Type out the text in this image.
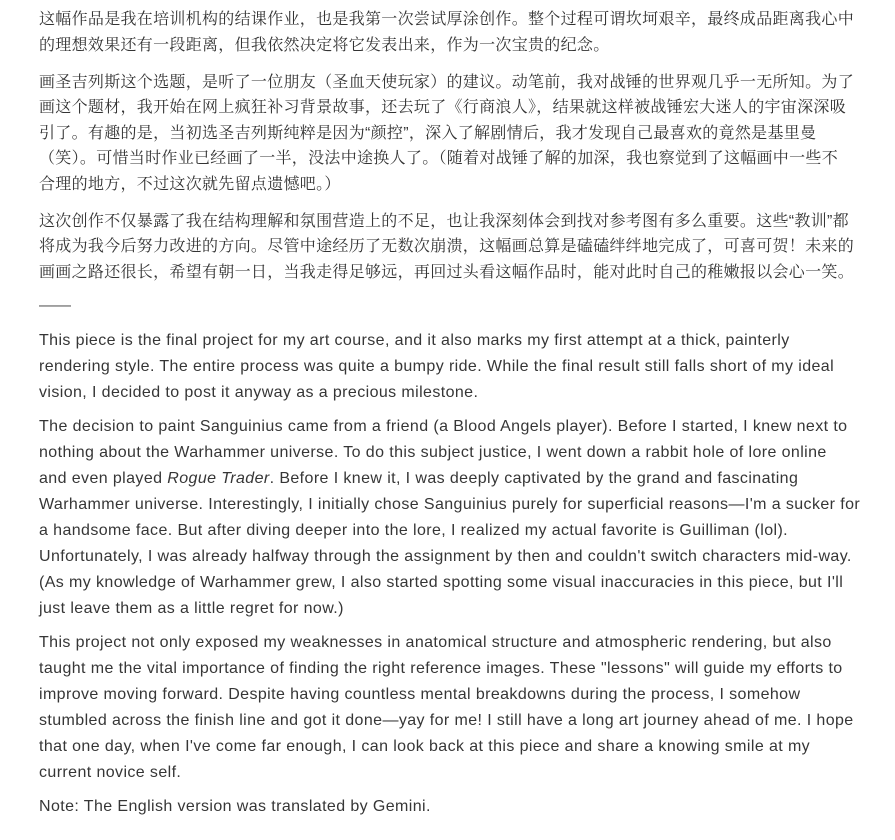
这幅作品是我在培训机构的结课作业，也是我第一次尝试厚涂创作。整个过程可谓坎坷艰辛，最终成品距离我心中
的理想效果还有一段距离，但我依然决定将它发表出来，作为一次宝贵的纪念。
画圣吉列斯这个选题，是听了一位朋友（圣血天使玩家）的建议。动笔前，我对战锤的世界观几乎一无所知。为了
画这个题材，我开始在网上疯狂补习背景故事，还去玩了《行商浪人》，结果就这样被战锤宏大迷人的宇宙深深吸
引了。有趣的是，当初选圣吉列斯纯粹是因为“颜控”，深入了解剧情后，我才发现自己最喜欢的竟然是基里曼
（笑）。可惜当时作业已经画了一半，没法中途换人了。（随着对战锤了解的加深，我也察觉到了这幅画中一些不
合理的地方，不过这次就先留点遗憾吧。）
这次创作不仅暴露了我在结构理解和氛围营造上的不足，也让我深刻体会到找对参考图有多么重要。这些“教训”都
将成为我今后努力改进的方向。尽管中途经历了无数次崩溃，这幅画总算是磕磕绊绊地完成了，可喜可贺！未来的
画画之路还很长，希望有朝一日，当我走得足够远，再回过头看这幅作品时，能对此时自己的稚嫩报以会心一笑。
——
This piece is the final project for my art course, and it also marks my first attempt at a thick, painterly
rendering style. The entire process was quite a bumpy ride. While the final result still falls short of my ideal
vision, I decided to post it anyway as a precious milestone.
The decision to paint Sanguinius came from a friend (a Blood Angels player). Before I started, I knew next to
nothing about the Warhammer universe. To do this subject justice, I went down a rabbit hole of lore online
and even played Rogue Trader. Before I knew it, I was deeply captivated by the grand and fascinating
Warhammer universe. Interestingly, I initially chose Sanguinius purely for superficial reasons—I'm a sucker for
a handsome face. But after diving deeper into the lore, I realized my actual favorite is Guilliman (lol).
Unfortunately, I was already halfway through the assignment by then and couldn't switch characters mid-way.
(As my knowledge of Warhammer grew, I also started spotting some visual inaccuracies in this piece, but I'll
just leave them as a little regret for now.)
This project not only exposed my weaknesses in anatomical structure and atmospheric rendering, but also
taught me the vital importance of finding the right reference images. These "lessons" will guide my efforts to
improve moving forward. Despite having countless mental breakdowns during the process, I somehow
stumbled across the finish line and got it done—yay for me! I still have a long art journey ahead of me. I hope
that one day, when I've come far enough, I can look back at this piece and share a knowing smile at my
current novice self.
Note: The English version was translated by Gemini.
